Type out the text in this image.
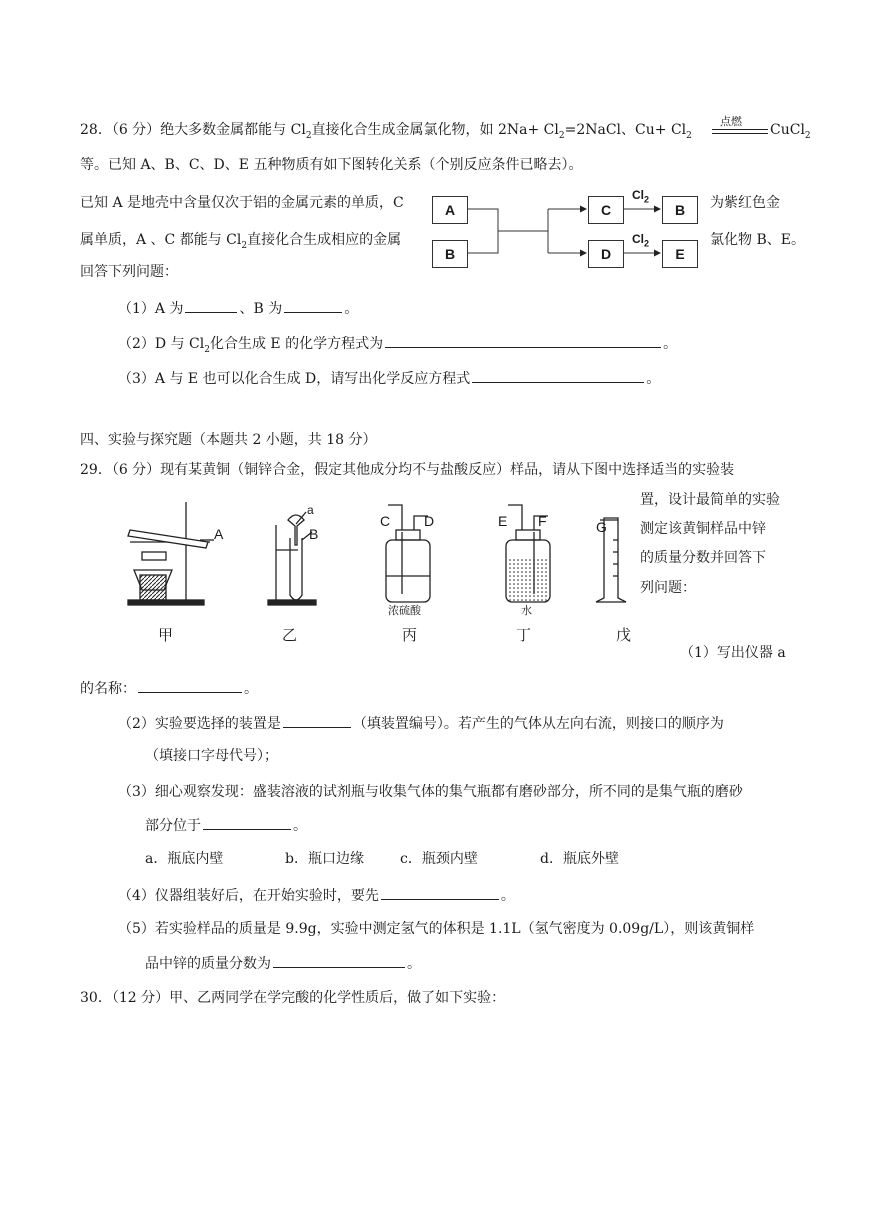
28．（6 分）绝大多数金属都能与 $Cl_2$直接化合生成金属氯化物，如 $2Na+ Cl_2=2NaCl$、$Cu+ Cl_2$
点燃
CuCl$_2$
等。已知 A、B、C、D、E 五种物质有如下图转化关系（个别反应条件已略去）。
已知 A 是地壳中含量仅次于铝的金属元素的单质，C	为紫红色金
属单质，A 、C 都能与 $Cl_2$直接化合生成相应的金属	氯化物 B、E。
回答下列问题：
A
B
C
D
B
E
$Cl_2$
$Cl_2$
（1）A 为	、B 为	。
（2）D 与 $Cl_2$化合生成 E 的化学方程式为	。
（3）A 与 E 也可以化合生成 D，请写出化学反应方程式	。
四、实验与探究题（本题共 2 小题，共 18 分）
29．（6 分）现有某黄铜（铜锌合金，假定其他成分均不与盐酸反应）样品，请从下图中选择适当的实验装
置，设计最简单的实验
测定该黄铜样品中锌
的质量分数并回答下
列问题：
A
a
B
C D	E F	G
浓硫酸	水
甲	乙	丙	丁	戊
（1）写出仪器 a
的名称：	。
（2）实验要选择的装置是	（填装置编号）。若产生的气体从左向右流，则接口的顺序为
（填接口字母代号）；
（3）细心观察发现：盛装溶液的试剂瓶与收集气体的集气瓶都有磨砂部分，所不同的是集气瓶的磨砂
部分位于	。
a．瓶底内壁	b．瓶口边缘	c．瓶颈内壁	d．瓶底外壁
（4）仪器组装好后，在开始实验时，要先	。
（5）若实验样品的质量是 9.9g，实验中测定氢气的体积是 1.1L（氢气密度为 0.09g/L），则该黄铜样
品中锌的质量分数为	。
30．（12 分）甲、乙两同学在学完酸的化学性质后，做了如下实验：
